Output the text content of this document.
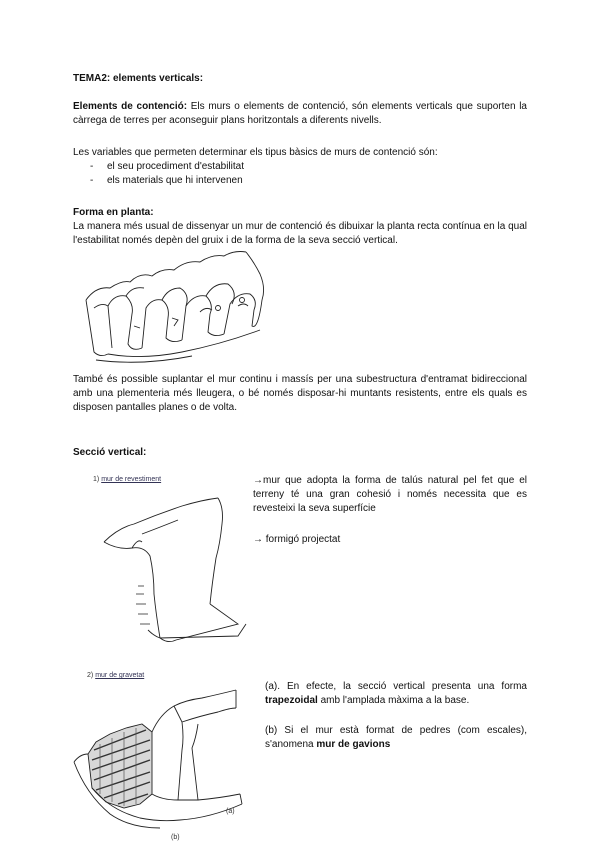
TEMA2: elements verticals:

Elements de contenció: Els murs o elements de contenció, són elements verticals que suporten la càrrega de terres per aconseguir plans horitzontals a diferents nivells.

Les variables que permeten determinar els tipus bàsics de murs de contenció són:

- el seu procediment d'estabilitat
- els materials que hi intervenen

Forma en planta:

La manera més usual de dissenyar un mur de contenció és dibuixar la planta recta contínua en la qual l'estabilitat només depèn del gruix i de la forma de la seva secció vertical.

També és possible suplantar el mur continu i massís per una subestructura d'entramat bidireccional amb una plementeria més lleugera, o bé només disposar-hi muntants resistents, entre els quals es disposen pantalles planes o de volta.

Secció vertical:

1) mur de revestiment	→mur que adopta la forma de talús natural pel fet que el terreny té una gran cohesió i només necessita que es revesteixi la seva superfície

→ formigó projectat

2) mur de gravetat
(a)
(b)

(a). En efecte, la secció vertical presenta una forma trapezoidal amb l'amplada màxima a la base.

(b) Si el mur està format de pedres (com escales), s'anomena mur de gavions
